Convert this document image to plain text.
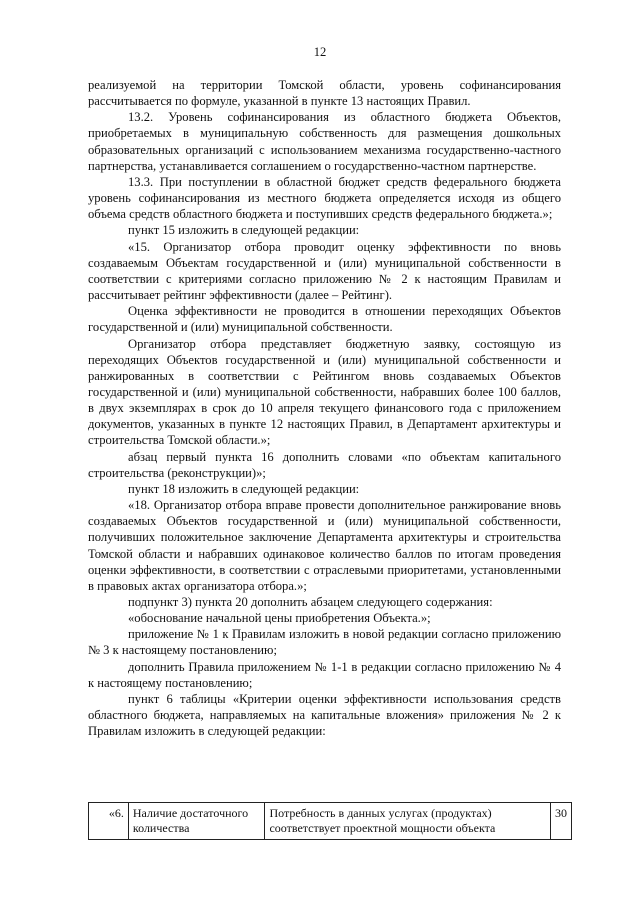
12

реализуемой на территории Томской области, уровень софинансирования рассчитывается по формуле, указанной в пункте 13 настоящих Правил.

13.2. Уровень софинансирования из областного бюджета Объектов, приобретаемых в муниципальную собственность для размещения дошкольных образовательных организаций с использованием механизма государственно-частного партнерства, устанавливается соглашением о государственно-частном партнерстве.

13.3. При поступлении в областной бюджет средств федерального бюджета уровень софинансирования из местного бюджета определяется исходя из общего объема средств областного бюджета и поступивших средств федерального бюджета.»;

пункт 15 изложить в следующей редакции:

«15. Организатор отбора проводит оценку эффективности по вновь создаваемым Объектам государственной и (или) муниципальной собственности в соответствии с критериями согласно приложению № 2 к настоящим Правилам и рассчитывает рейтинг эффективности (далее – Рейтинг).

Оценка эффективности не проводится в отношении переходящих Объектов государственной и (или) муниципальной собственности.

Организатор отбора представляет бюджетную заявку, состоящую из переходящих Объектов государственной и (или) муниципальной собственности и ранжированных в соответствии с Рейтингом вновь создаваемых Объектов государственной и (или) муниципальной собственности, набравших более 100 баллов, в двух экземплярах в срок до 10 апреля текущего финансового года с приложением документов, указанных в пункте 12 настоящих Правил, в Департамент архитектуры и строительства Томской области.»;

абзац первый пункта 16 дополнить словами «по объектам капитального строительства (реконструкции)»;

пункт 18 изложить в следующей редакции:

«18. Организатор отбора вправе провести дополнительное ранжирование вновь создаваемых Объектов государственной и (или) муниципальной собственности, получивших положительное заключение Департамента архитектуры и строительства Томской области и набравших одинаковое количество баллов по итогам проведения оценки эффективности, в соответствии с отраслевыми приоритетами, установленными в правовых актах организатора отбора.»;

подпункт 3) пункта 20 дополнить абзацем следующего содержания:

«обоснование начальной цены приобретения Объекта.»;

приложение № 1 к Правилам изложить в новой редакции согласно приложению № 3 к настоящему постановлению;

дополнить Правила приложением № 1-1 в редакции согласно приложению № 4 к настоящему постановлению;

пункт 6 таблицы «Критерии оценки эффективности использования средств областного бюджета, направляемых на капитальные вложения» приложения № 2 к Правилам изложить в следующей редакции:

«6.	Наличие достаточного количества	Потребность в данных услугах (продуктах) соответствует проектной мощности объекта	30
